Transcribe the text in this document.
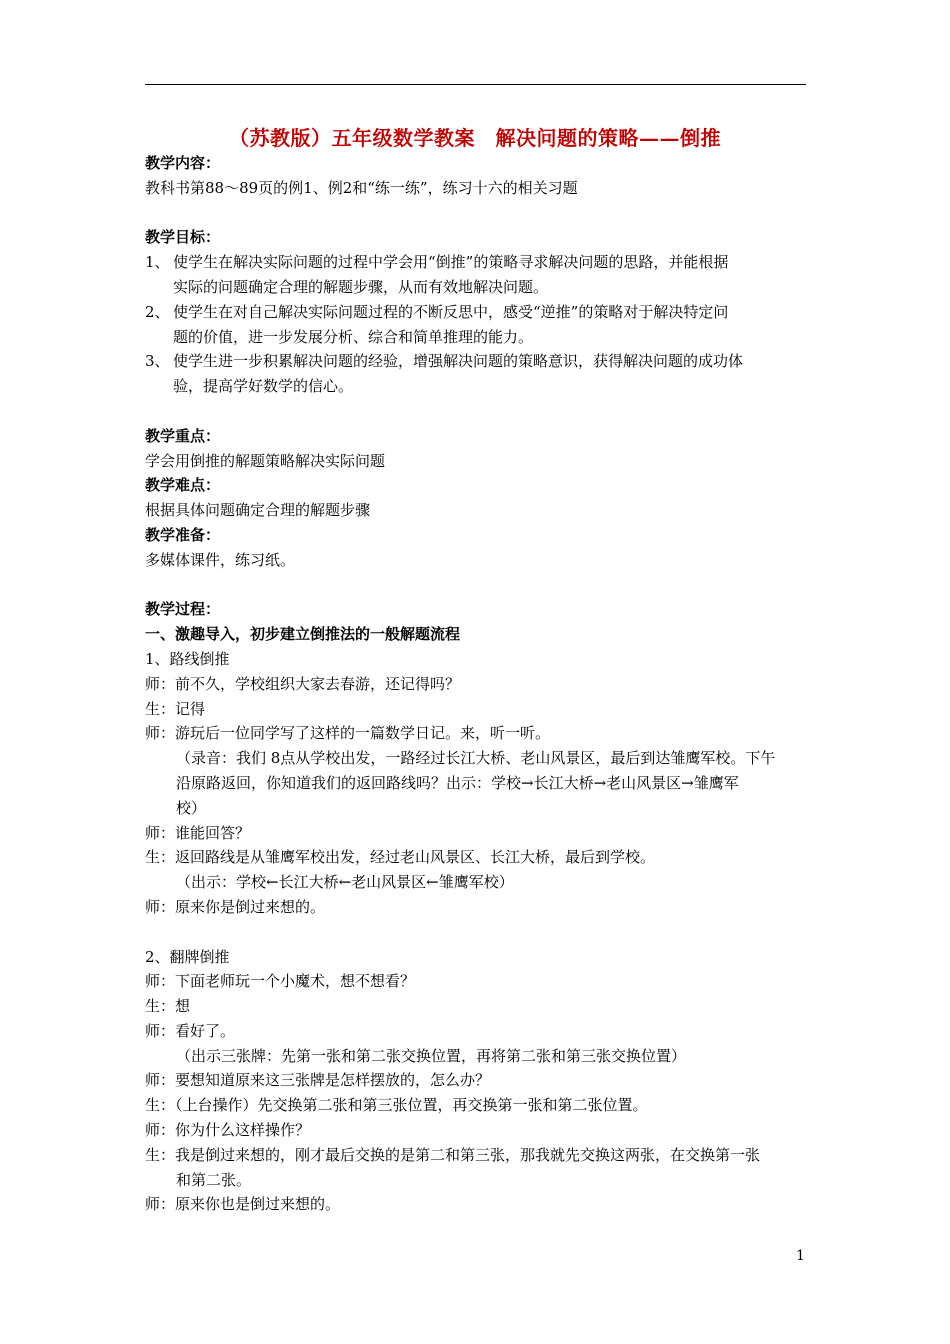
（苏教版）五年级数学教案　解决问题的策略——倒推
教学内容：
教科书第88～89页的例1、例2和“练一练”，练习十六的相关习题
教学目标：
1、 使学生在解决实际问题的过程中学会用“倒推”的策略寻求解决问题的思路，并能根据
实际的问题确定合理的解题步骤，从而有效地解决问题。
2、 使学生在对自己解决实际问题过程的不断反思中，感受“逆推”的策略对于解决特定问
题的价值，进一步发展分析、综合和简单推理的能力。
3、 使学生进一步积累解决问题的经验，增强解决问题的策略意识，获得解决问题的成功体
验，提高学好数学的信心。
教学重点：
学会用倒推的解题策略解决实际问题
教学难点：
根据具体问题确定合理的解题步骤
教学准备：
多媒体课件，练习纸。
教学过程：
一、激趣导入，初步建立倒推法的一般解题流程
1、路线倒推
师：前不久，学校组织大家去春游，还记得吗？
生：记得
师：游玩后一位同学写了这样的一篇数学日记。来，听一听。
（录音：我们 8点从学校出发，一路经过长江大桥、老山风景区，最后到达雏鹰军校。下午
沿原路返回，你知道我们的返回路线吗？出示：学校→长江大桥→老山风景区→雏鹰军
校）
师：谁能回答？
生：返回路线是从雏鹰军校出发，经过老山风景区、长江大桥，最后到学校。
（出示：学校←长江大桥←老山风景区←雏鹰军校）
师：原来你是倒过来想的。
2、翻牌倒推
师：下面老师玩一个小魔术，想不想看？
生：想
师：看好了。
（出示三张牌：先第一张和第二张交换位置，再将第二张和第三张交换位置）
师：要想知道原来这三张牌是怎样摆放的，怎么办？
生：（上台操作）先交换第二张和第三张位置，再交换第一张和第二张位置。
师：你为什么这样操作？
生：我是倒过来想的，刚才最后交换的是第二和第三张，那我就先交换这两张，在交换第一张
和第二张。
师：原来你也是倒过来想的。
1
